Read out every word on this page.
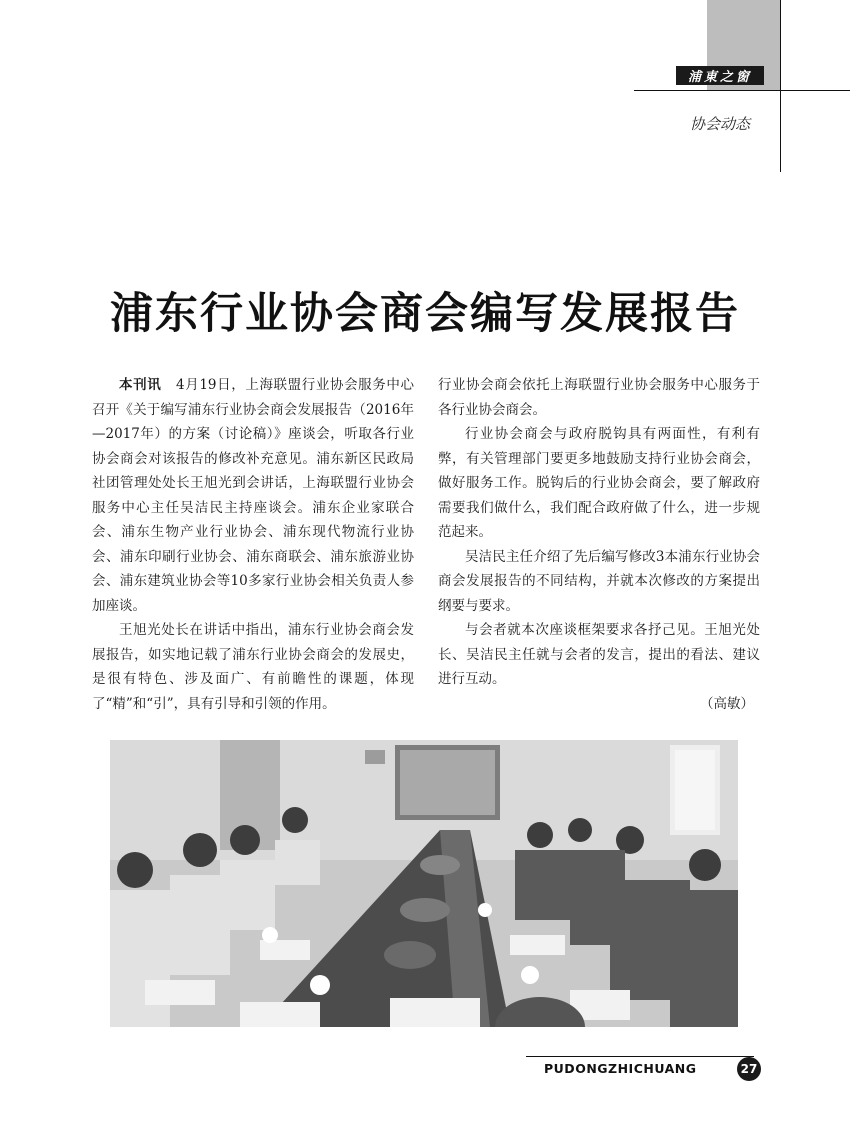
浦東之窗
协会动态
浦东行业协会商会编写发展报告

本刊讯 4月19日，上海联盟行业协会服务中心召开《关于编写浦东行业协会商会发展报告（2016年—2017年）的方案（讨论稿）》座谈会，听取各行业协会商会对该报告的修改补充意见。浦东新区民政局社团管理处处长王旭光到会讲话，上海联盟行业协会服务中心主任吴洁民主持座谈会。浦东企业家联合会、浦东生物产业行业协会、浦东现代物流行业协会、浦东印刷行业协会、浦东商联会、浦东旅游业协会、浦东建筑业协会等10多家行业协会相关负责人参加座谈。

王旭光处长在讲话中指出，浦东行业协会商会发展报告，如实地记载了浦东行业协会商会的发展史，是很有特色、涉及面广、有前瞻性的课题，体现了“精”和“引”，具有引导和引领的作用。

行业协会商会依托上海联盟行业协会服务中心服务于各行业协会商会。

行业协会商会与政府脱钩具有两面性，有利有弊，有关管理部门要更多地鼓励支持行业协会商会，做好服务工作。脱钩后的行业协会商会，要了解政府需要我们做什么，我们配合政府做了什么，进一步规范起来。

吴洁民主任介绍了先后编写修改3本浦东行业协会商会发展报告的不同结构，并就本次修改的方案提出纲要与要求。

与会者就本次座谈框架要求各抒己见。王旭光处长、吴洁民主任就与会者的发言，提出的看法、建议进行互动。

（高敏）

PUDONGZHICHUANG	27
